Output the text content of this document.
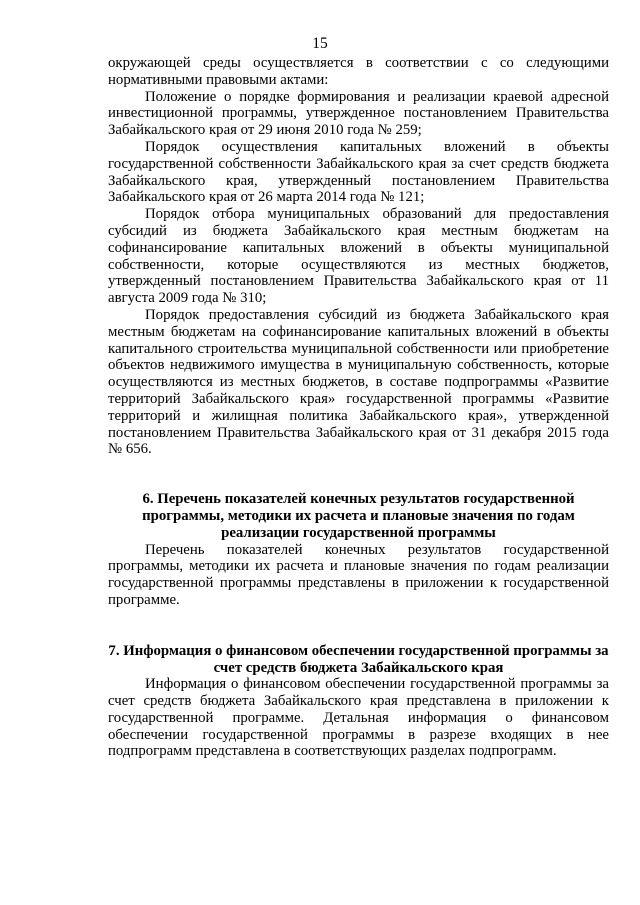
15

окружающей среды осуществляется в соответствии с со следующими нормативными правовыми актами:

Положение о порядке формирования и реализации краевой адресной инвестиционной программы, утвержденное постановлением Правительства Забайкальского края от 29 июня 2010 года № 259;

Порядок осуществления капитальных вложений в объекты государственной собственности Забайкальского края за счет средств бюджета Забайкальского края, утвержденный постановлением Правительства Забайкальского края от 26 марта 2014 года № 121;

Порядок отбора муниципальных образований для предоставления субсидий из бюджета Забайкальского края местным бюджетам на софинансирование капитальных вложений в объекты муниципальной собственности, которые осуществляются из местных бюджетов, утвержденный постановлением Правительства Забайкальского края от 11 августа 2009 года № 310;

Порядок предоставления субсидий из бюджета Забайкальского края местным бюджетам на софинансирование капитальных вложений в объекты капитального строительства муниципальной собственности или приобретение объектов недвижимого имущества в муниципальную собственность, которые осуществляются из местных бюджетов, в составе подпрограммы «Развитие территорий Забайкальского края» государственной программы «Развитие территорий и жилищная политика Забайкальского края», утвержденной постановлением Правительства Забайкальского края от 31 декабря 2015 года № 656.

6. Перечень показателей конечных результатов государственной программы, методики их расчета и плановые значения по годам реализации государственной программы

Перечень показателей конечных результатов государственной программы, методики их расчета и плановые значения по годам реализации государственной программы представлены в приложении к государственной программе.

7. Информация о финансовом обеспечении государственной программы за счет средств бюджета Забайкальского края

Информация о финансовом обеспечении государственной программы за счет средств бюджета Забайкальского края представлена в приложении к государственной программе. Детальная информация о финансовом обеспечении государственной программы в разрезе входящих в нее подпрограмм представлена в соответствующих разделах подпрограмм.
